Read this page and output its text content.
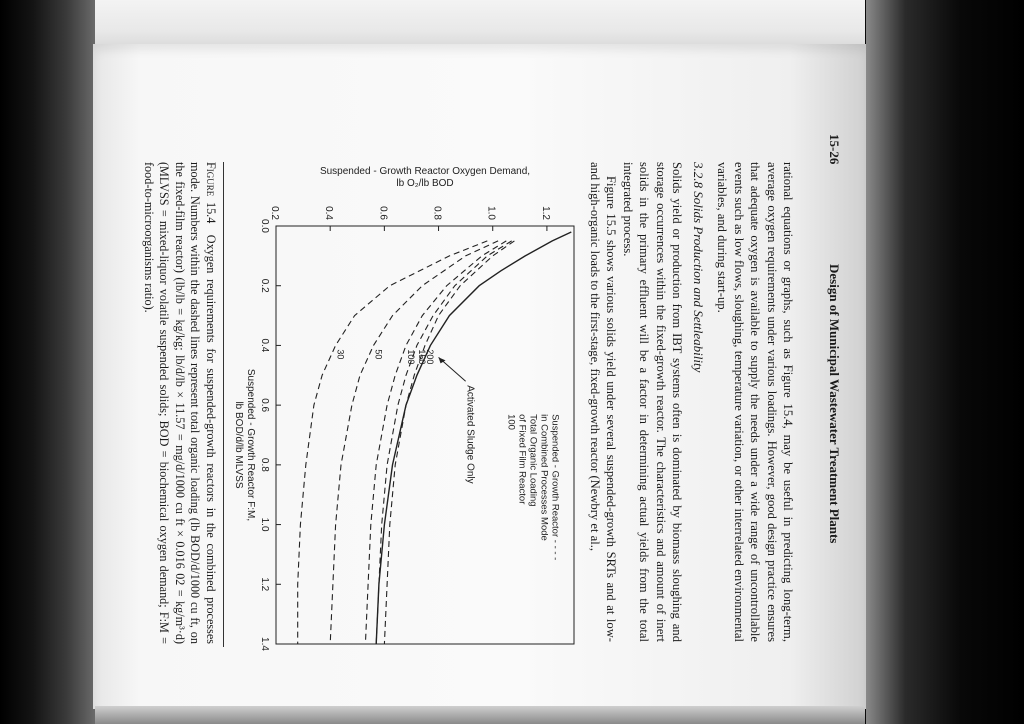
15-26
Design of Municipal Wastewater Treatment Plants
rational equations or graphs, such as Figure 15.4, may be useful in predicting long-term, average oxygen requirements under various loadings. However, good design practice ensures that adequate oxygen is available to supply the needs under a wide range of uncontrollable events such as low flows, sloughing, temperature variation, or other interrelated environmental variables, and during start-up.
3.2.8 Solids Production and Settleability
Solids yield or production from IBT systems often is dominated by biomass sloughing and storage occurrences within the fixed-growth reactor. The characteristics and amount of inert solids in the primary effluent will be a factor in determining actual yields from the total integrated process.
Figure 15.5 shows various solids yield under several suspended-growth SRTs and at low- and high-organic loads to the first-stage, fixed-growth reactor (Newbry et al.,
0.0
0.2
0.4
0.6
0.8
1.0
1.2
1.4
0.2	0.4	0.6	0.8	1.0	1.2
Suspended - Growth Reactor F:M,
lb BOD/d/lb MLVSS
Suspended - Growth Reactor Oxygen Demand,
lb O₂/lb BOD
200
150
100
50
30
Activated Sludge Only	Suspended - Growth Reactor - - - -
in Combined Processes Mode
Total Organic Loading
of Fixed Film Reactor
100
Figure 15.4  Oxygen requirements for suspended-growth reactors in the combined processes mode. Numbers within the dashed lines represent total organic loading (lb BOD/d/1000 cu ft, on the fixed-film reactor) (lb/lb = kg/kg; lb/d/lb × 11.57 = mg/d/1000 cu ft × 0.016 02 = kg/m³·d) (MLVSS = mixed-liquor volatile suspended solids; BOD = biochemical oxygen demand; F:M = food-to-microorganisms ratio).
